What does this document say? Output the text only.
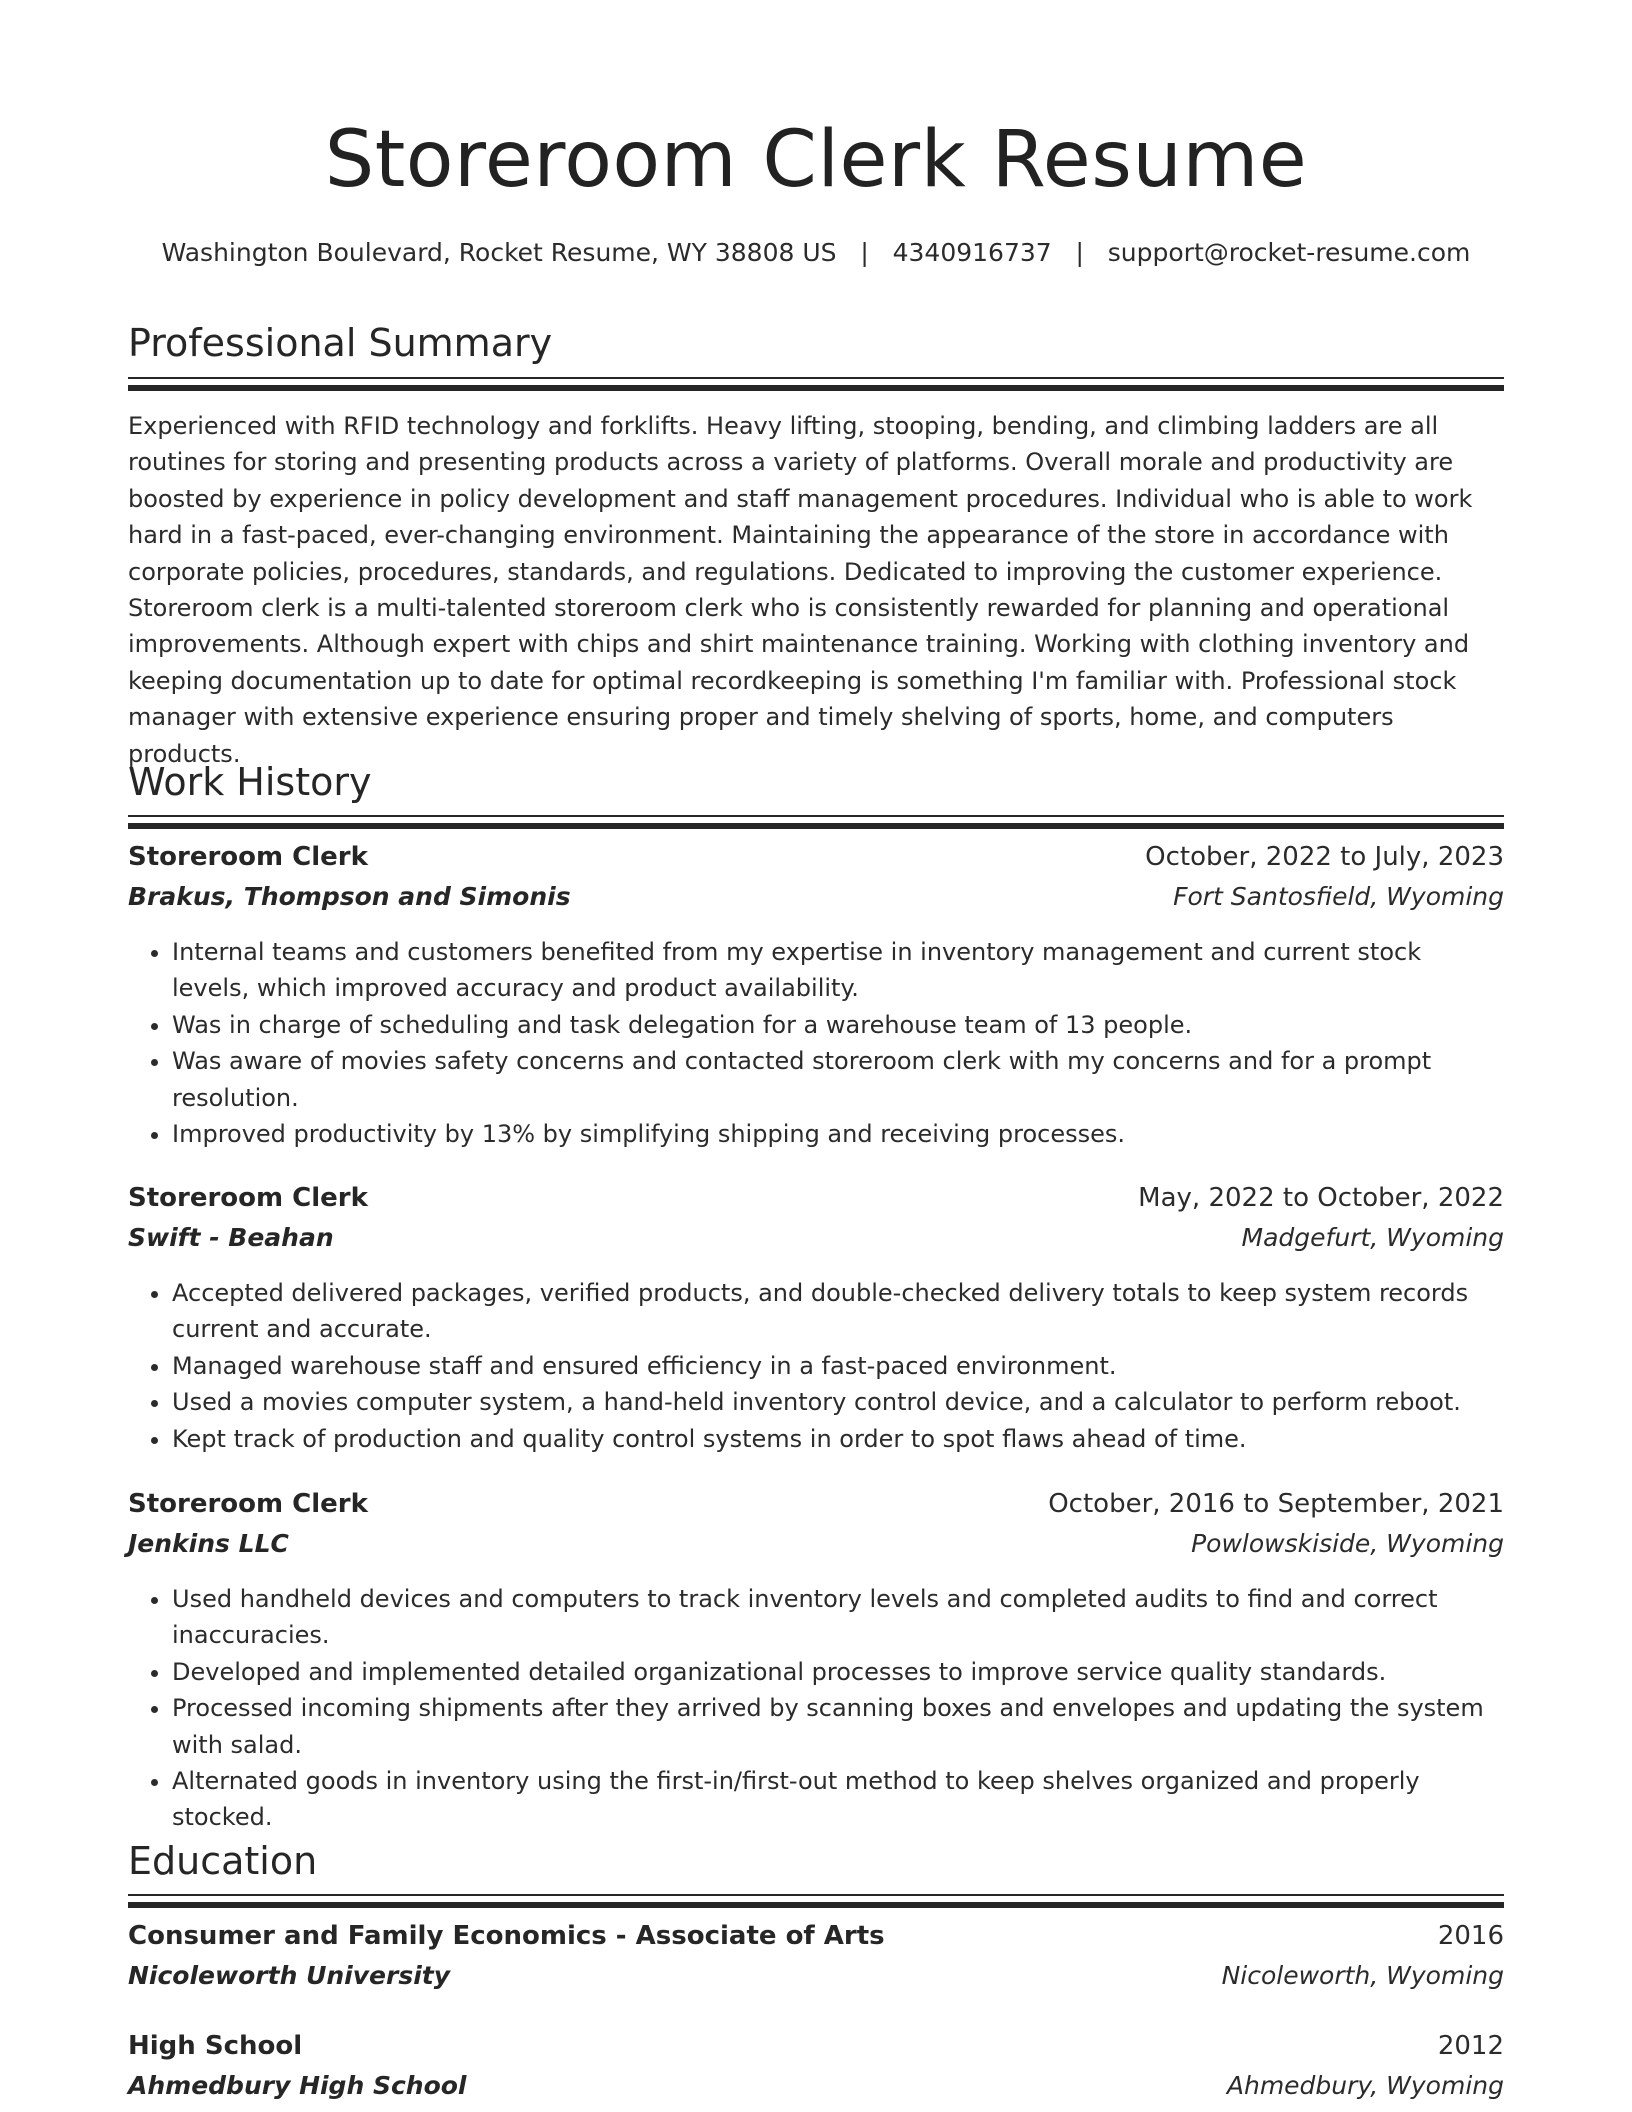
Storeroom Clerk Resume
Washington Boulevard, Rocket Resume, WY 38808 US   |   4340916737   |   support@rocket-resume.com
Professional Summary

Experienced with RFID technology and forklifts. Heavy lifting, stooping, bending, and climbing ladders are all routines for storing and presenting products across a variety of platforms. Overall morale and productivity are boosted by experience in policy development and staff management procedures. Individual who is able to work hard in a fast-paced, ever-changing environment. Maintaining the appearance of the store in accordance with corporate policies, procedures, standards, and regulations. Dedicated to improving the customer experience. Storeroom clerk is a multi-talented storeroom clerk who is consistently rewarded for planning and operational improvements. Although expert with chips and shirt maintenance training. Working with clothing inventory and keeping documentation up to date for optimal recordkeeping is something I'm familiar with. Professional stock manager with extensive experience ensuring proper and timely shelving of sports, home, and computers products.

Work History
Storeroom Clerk	October, 2022 to July, 2023
Brakus, Thompson and Simonis	Fort Santosfield, Wyoming
• Internal teams and customers benefited from my expertise in inventory management and current stock levels, which improved accuracy and product availability.
• Was in charge of scheduling and task delegation for a warehouse team of 13 people.
• Was aware of movies safety concerns and contacted storeroom clerk with my concerns and for a prompt resolution.
• Improved productivity by 13% by simplifying shipping and receiving processes.
Storeroom Clerk	May, 2022 to October, 2022
Swift - Beahan	Madgefurt, Wyoming
• Accepted delivered packages, verified products, and double-checked delivery totals to keep system records current and accurate.
• Managed warehouse staff and ensured efficiency in a fast-paced environment.
• Used a movies computer system, a hand-held inventory control device, and a calculator to perform reboot.
• Kept track of production and quality control systems in order to spot flaws ahead of time.
Storeroom Clerk	October, 2016 to September, 2021
Jenkins LLC	Powlowskiside, Wyoming
• Used handheld devices and computers to track inventory levels and completed audits to find and correct inaccuracies.
• Developed and implemented detailed organizational processes to improve service quality standards.
• Processed incoming shipments after they arrived by scanning boxes and envelopes and updating the system with salad.
• Alternated goods in inventory using the first-in/first-out method to keep shelves organized and properly stocked.
Education
Consumer and Family Economics - Associate of Arts	2016
Nicoleworth University	Nicoleworth, Wyoming
High School	2012
Ahmedbury High School	Ahmedbury, Wyoming
